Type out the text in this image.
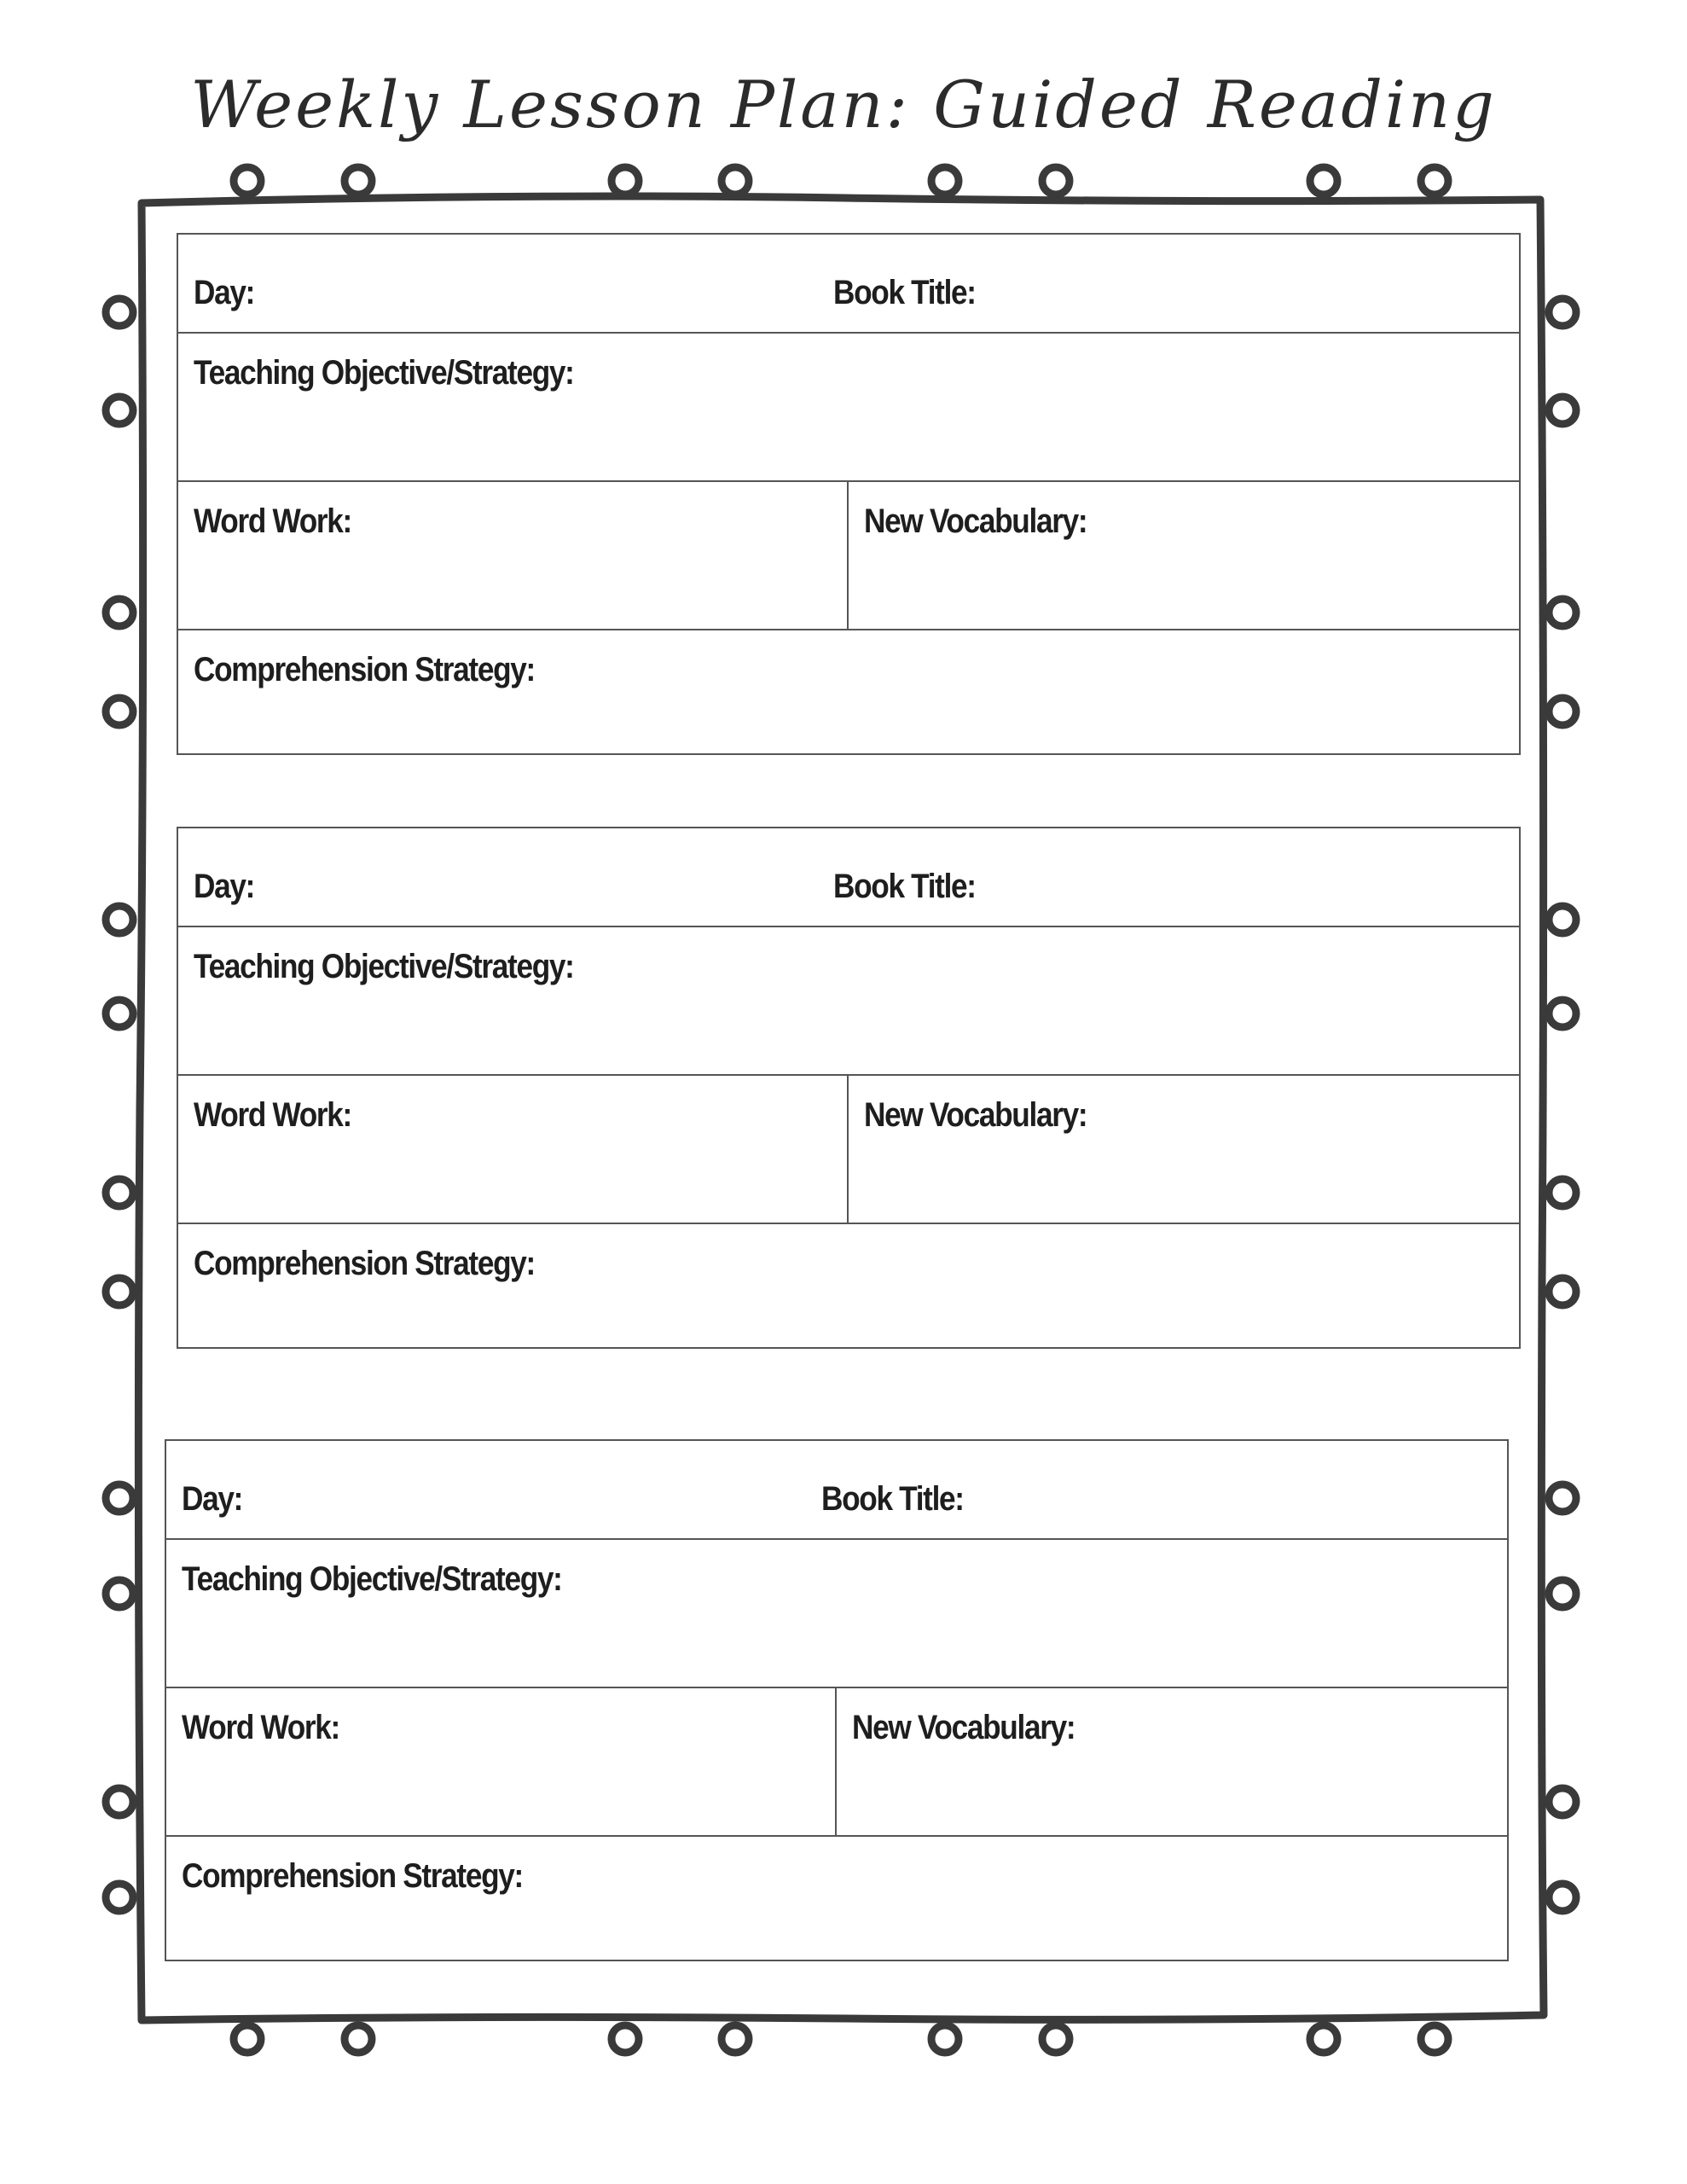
Weekly Lesson Plan: Guided Reading
Day:	Book Title:
Teaching Objective/Strategy:
Word Work:	New Vocabulary:
Comprehension Strategy:
Day:	Book Title:
Teaching Objective/Strategy:
Word Work:	New Vocabulary:
Comprehension Strategy:
Day:	Book Title:
Teaching Objective/Strategy:
Word Work:	New Vocabulary:
Comprehension Strategy:
